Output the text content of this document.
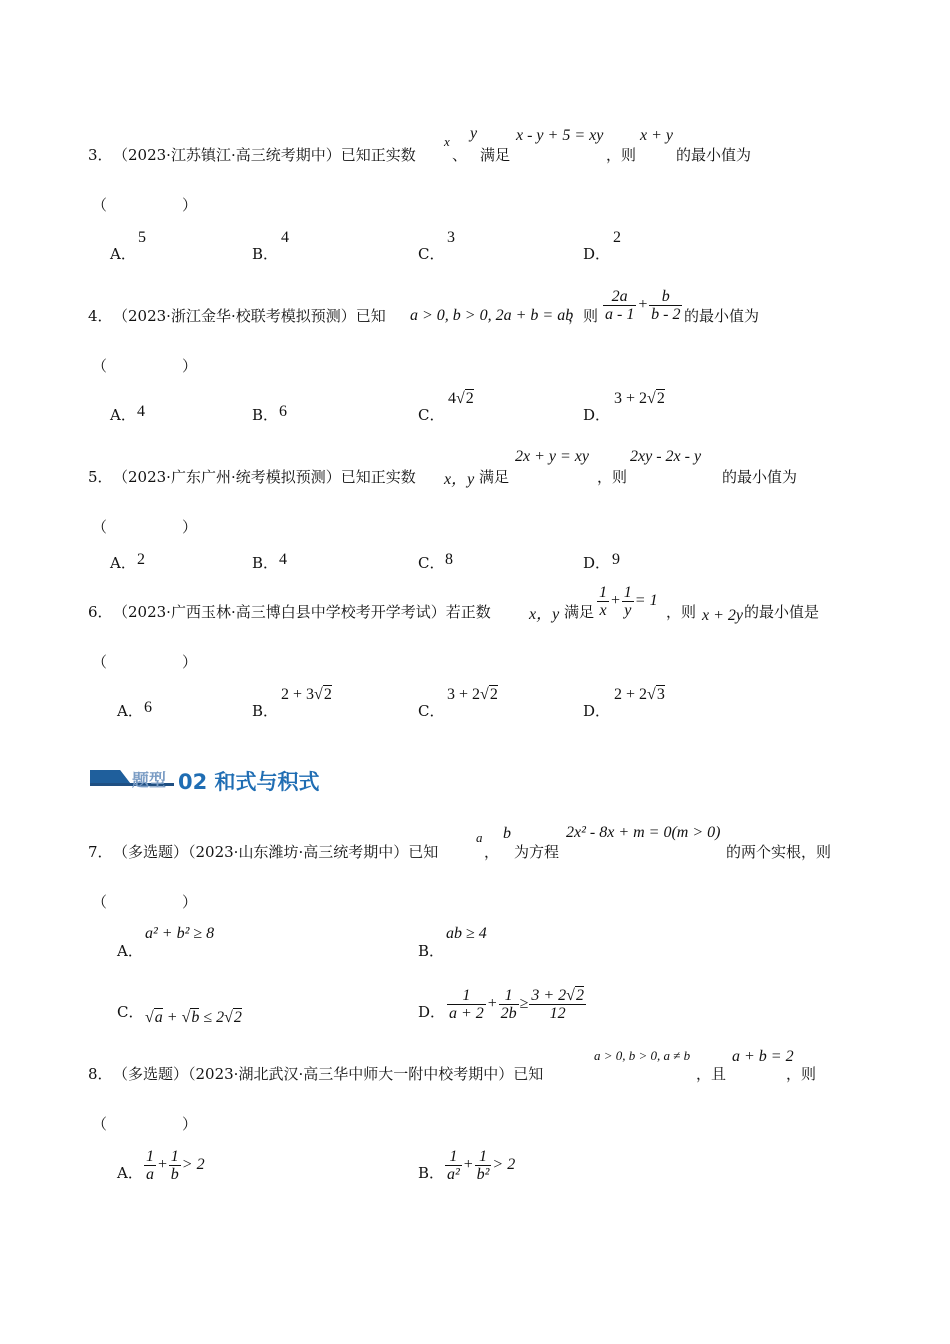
3． （2023·江苏镇江·高三统考期中）已知正实数
x
、
y
满足
x - y + 5 = xy
，则
x + y
的最小值为
（　　　　　）
A．
5
B．
4
C．
3
D．
2
4． （2023·浙江金华·校联考模拟预测）已知 a > 0, b > 0, 2a + b = ab
，则 $\frac{2a}{a - 1} + \frac{b}{b - 2}$ 的最小值为
（　　　　　）
A． 4	B． 6	C．
4√2
D．
3 + 2√2
5． （2023·广东广州·统考模拟预测）已知正实数 x，y 满足
2x + y = xy
，则
2xy - 2x - y
的最小值为
（　　　　　）
A． 2	B． 4	C． 8	D． 9
6． （2023·广西玉林·高三博白县中学校考开学考试）若正数 x，y 满足 $\frac{1}{x} + \frac{1}{y} = 1$
，则 x + 2y 的最小值是
（　　　　　）
A． 6	B．
2 + 3√2
C．
3 + 2√2
D．
2 + 2√3
题型 02 和式与积式
7． （多选题）（2023·山东潍坊·高三统考期中）已知
a
，
b
为方程
2x² - 8x + m = 0(m > 0)
的两个实根，则
（　　　　　）
A．
a² + b² ≥ 8
B．
ab ≥ 4
C． √a + √b ≤ 2√2	D． $\frac{1}{a + 2} + \frac{1}{2b} \ge \frac{3 + 2√2}{12}$
8． （多选题）（2023·湖北武汉·高三华中师大一附中校考期中）已知
a > 0, b > 0, a ≠ b
，且
a + b = 2
，则
（　　　　　）
A． $\frac{1}{a} + \frac{1}{b} > 2$	B． $\frac{1}{\text{a²}} + \frac{1}{\text{b²}} > 2$
